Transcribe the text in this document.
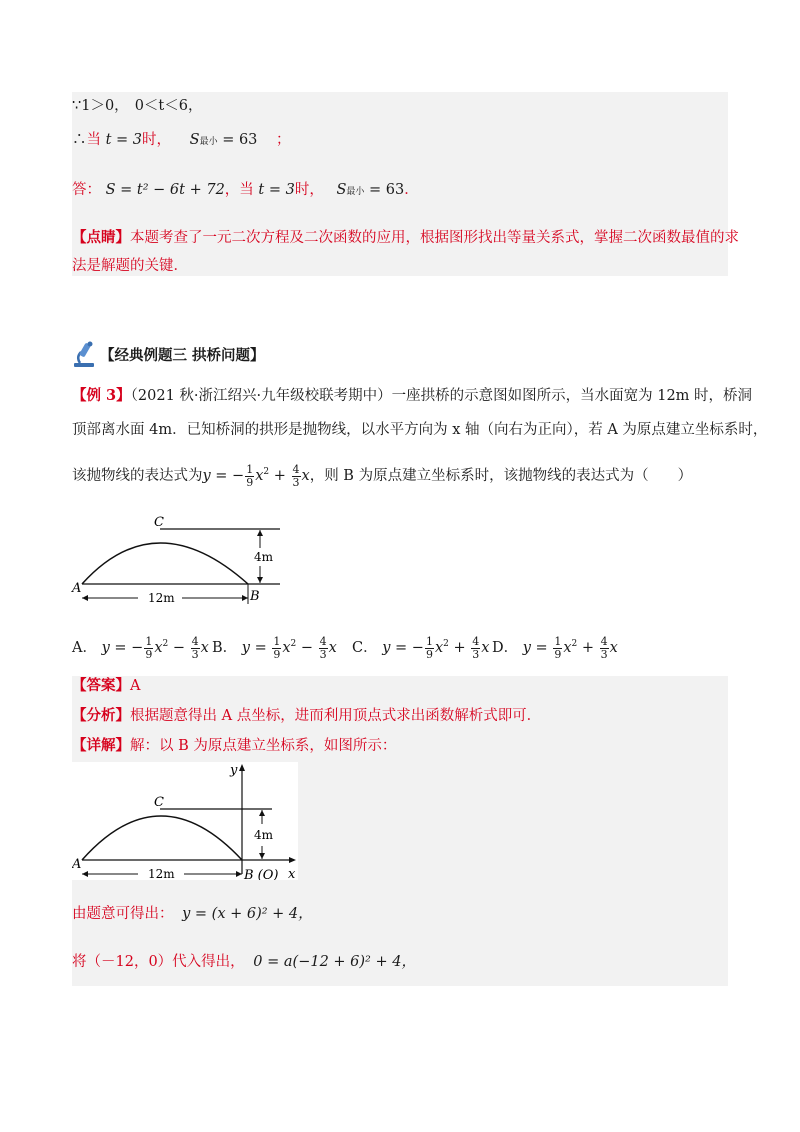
∵1＞0， 0＜t＜6，
∴当 t = 3时， S最小 = 63 ；
答： S = t² − 6t + 72，当 t = 3时， S最小 = 63．
【点睛】本题考查了一元二次方程及二次函数的应用，根据图形找出等量关系式，掌握二次函数最值的求
法是解题的关键．
【经典例题三 拱桥问题】
【例 3】（2021 秋·浙江绍兴·九年级校联考期中）一座拱桥的示意图如图所示，当水面宽为 12m 时，桥洞
顶部离水面 4m．已知桥洞的拱形是抛物线，以水平方向为 x 轴（向右为正向），若 A 为原点建立坐标系时，
该抛物线的表达式为y = − $\frac{1}{9} x^2 + \frac{4}{3}$ x，则 B 为原点建立坐标系时，该抛物线的表达式为（　　）
C
A
B
4m
12m
A． y = − $\frac{1}{9} x^2 - \frac{4}{3}$ x B． $y = \frac{1}{9} x^2 - \frac{4}{3}$ x C． y = − $\frac{1}{9} x^2 + \frac{4}{3}$ x D． $y = \frac{1}{9} x^2 + \frac{4}{3}$ x
【答案】A
【分析】根据题意得出 A 点坐标，进而利用顶点式求出函数解析式即可．
【详解】解：以 B 为原点建立坐标系，如图所示：
C
A
B (O) x
y
4m
12m
由题意可得出： y = (x + 6)² + 4，
将（－12，0）代入得出， 0 = a(−12 + 6)² + 4，
